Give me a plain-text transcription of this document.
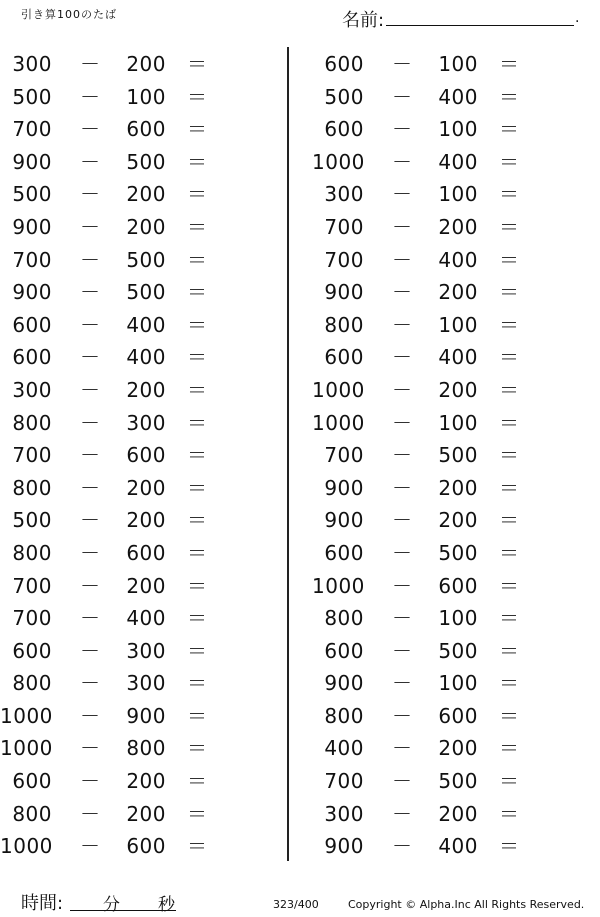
引き算100のたば	名前:	.
300 － 200 ＝
500 － 100 ＝
700 － 600 ＝
900 － 500 ＝
500 － 200 ＝
900 － 200 ＝
700 － 500 ＝
900 － 500 ＝
600 － 400 ＝
600 － 400 ＝
300 － 200 ＝
800 － 300 ＝
700 － 600 ＝
800 － 200 ＝
500 － 200 ＝
800 － 600 ＝
700 － 200 ＝
700 － 400 ＝
600 － 300 ＝
800 － 300 ＝
1000 － 900 ＝
1000 － 800 ＝
600 － 200 ＝
800 － 200 ＝
1000 － 600 ＝
600 － 100 ＝
500 － 400 ＝
600 － 100 ＝
1000 － 400 ＝
300 － 100 ＝
700 － 200 ＝
700 － 400 ＝
900 － 200 ＝
800 － 100 ＝
600 － 400 ＝
1000 － 200 ＝
1000 － 100 ＝
700 － 500 ＝
900 － 200 ＝
900 － 200 ＝
600 － 500 ＝
1000 － 600 ＝
800 － 100 ＝
600 － 500 ＝
900 － 100 ＝
800 － 600 ＝
400 － 200 ＝
700 － 500 ＝
300 － 200 ＝
900 － 400 ＝
時間: 分 秒	323/400	Copyright © Alpha.Inc All Rights Reserved.
